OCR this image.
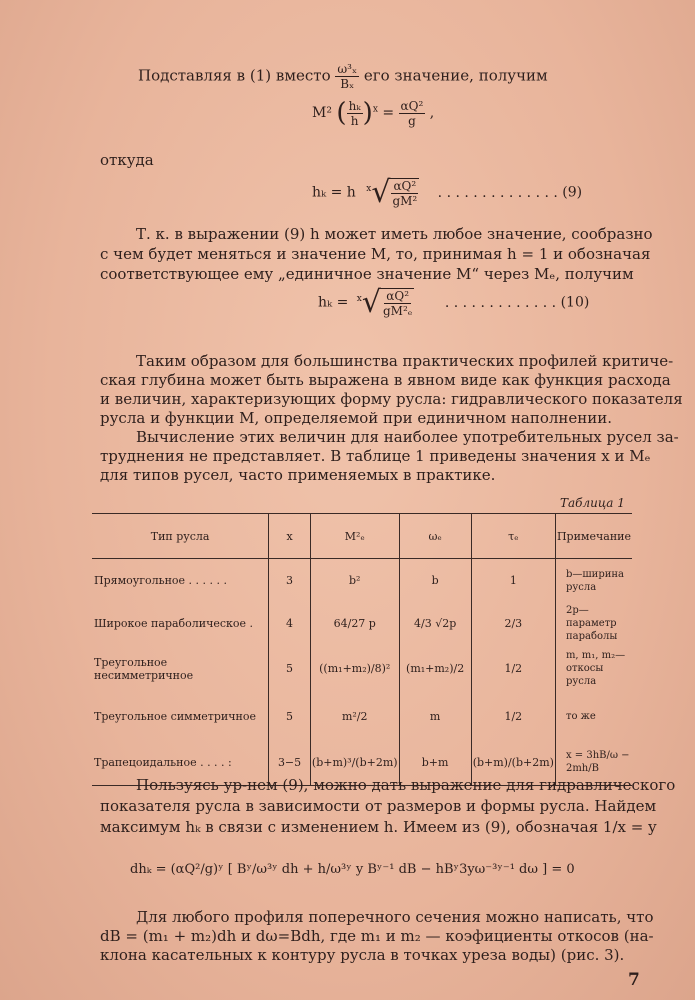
Подставляя в (1) вместо $\frac{\text{ω³ₓ}}{\text{Bₓ}}$ его значение, получим
M² ( $\frac{\text{hₖ}}{h} )^x = \frac{\text{αQ²}}{g}$ ,
откуда
hₖ = h $^x√ \frac{\text{αQ²}}{\text{gM²}}$ . . . . . . . . . . . . . . (9)
Т. к. в выражении (9) h может иметь любое значение, сообразно
с чем будет меняться и значение M, то, принимая h = 1 и обозначая
соответствующее ему „единичное значение M“ через Mₑ, получим
$h_k = ^x√ \frac{\text{αQ²}}{\text{gM²ₑ}}$ . . . . . . . . . . . . . (10)
Таким образом для большинства практических профилей критиче-
ская глубина может быть выражена в явном виде как функция расхода
и величин, характеризующих форму русла: гидравлического показателя
русла и функции M, определяемой при единичном наполнении.
Вычисление этих величин для наиболее употребительных русел за-
труднения не представляет. В таблице 1 приведены значения x и Mₑ
для типов русел, часто применяемых в практике.
Таблица 1
Тип русла	x	M²ₑ	ωₑ	τₑ	Примечание
Прямоугольное . . . . . .	3	b²	b	1	b—ширина русла
Широкое параболическое .	4	64/27 p	4/3 √2p	2/3	2p—параметр параболы
Треугольное несимметричное	5	((m₁+m₂)/8)²	(m₁+m₂)/2	1/2	m, m₁, m₂—откосы русла
Треугольное симметричное	5	m²/2	m	1/2	то же
Трапецоидальное . . . . :	3−5	(b+m)³/(b+2m)	b+m	(b+m)/(b+2m)	x = 3hB/ω − 2mh/B
Пользуясь ур-нем (9), можно дать выражение для гидравлического
показателя русла в зависимости от размеров и формы русла. Найдем
максимум hₖ в связи с изменением h. Имеем из (9), обозначая 1/x = y
dhₖ = (αQ²/g)ʸ [ Bʸ/ω³ʸ dh + h/ω³ʸ y Bʸ⁻¹ dB − hBʸ3yω⁻³ʸ⁻¹ dω ] = 0
Для любого профиля поперечного сечения можно написать, что
dB = (m₁ + m₂)dh и dω=Bdh, где m₁ и m₂ — коэфициенты откосов (на-
клона касательных к контуру русла в точках уреза воды) (рис. 3).
7
